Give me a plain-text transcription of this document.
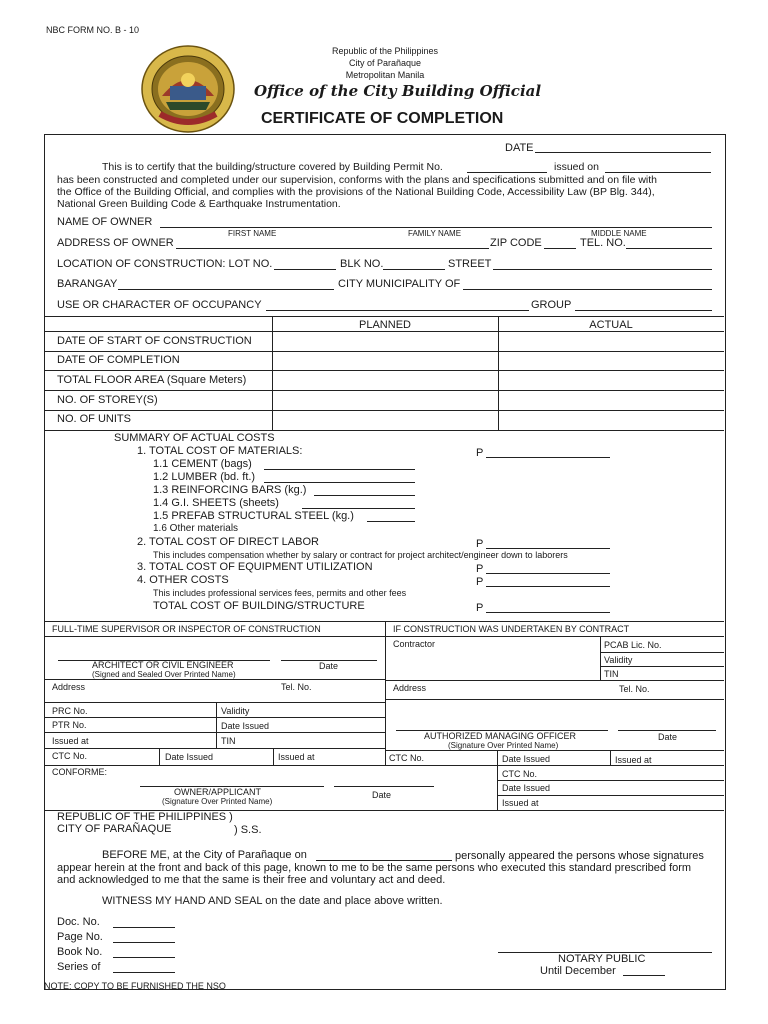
NBC FORM NO. B - 10
Republic of the Philippines
City of Parañaque
Metropolitan Manila
Office of the City Building Official
CERTIFICATE OF COMPLETION
DATE
This is to certify that the building/structure covered by Building Permit No.	issued on
has been constructed and completed under our supervision, conforms with the plans and specifications submitted and on file with
the Office of the Building Official, and complies with the provisions of the National Building Code, Accessibility Law (BP Blg. 344),
National Green Building Code & Earthquake Instrumentation.
NAME OF OWNER
FIRST NAME	FAMILY NAME	MIDDLE NAME
ADDRESS OF OWNER	ZIP CODE	TEL. NO.
LOCATION OF CONSTRUCTION: LOT NO.	BLK NO.	STREET
BARANGAY	CITY MUNICIPALITY OF
USE OR CHARACTER OF OCCUPANCY	GROUP
PLANNED	ACTUAL
DATE OF START OF CONSTRUCTION
DATE OF COMPLETION
TOTAL FLOOR AREA (Square Meters)
NO. OF STOREY(S)
NO. OF UNITS
SUMMARY OF ACTUAL COSTS
1. TOTAL COST OF MATERIALS:	P
1.1 CEMENT (bags)
1.2 LUMBER (bd. ft.)
1.3 REINFORCING BARS (kg.)
1.4 G.I. SHEETS (sheets)
1.5 PREFAB STRUCTURAL STEEL (kg.)
1.6 Other materials
2. TOTAL COST OF DIRECT LABOR	P
This includes compensation whether by salary or contract for project architect/engineer down to laborers
3. TOTAL COST OF EQUIPMENT UTILIZATION	P
4. OTHER COSTS	P
This includes professional services fees, permits and other fees
TOTAL COST OF BUILDING/STRUCTURE	P
FULL-TIME SUPERVISOR OR INSPECTOR OF CONSTRUCTION	IF CONSTRUCTION WAS UNDERTAKEN BY CONTRACT
ARCHITECT OR CIVIL ENGINEER
(Signed and Sealed Over Printed Name)
Date
Address	Tel. No.
PRC No.	Validity
PTR No.	Date Issued
Issued at	TIN
CTC No.	Date Issued	Issued at
Contractor	PCAB Lic. No.
Validity
TIN
Address	Tel. No.
AUTHORIZED MANAGING OFFICER
(Signature Over Printed Name)
Date
CTC No.	Date Issued	Issued at
CONFORME:
OWNER/APPLICANT
(Signature Over Printed Name)
Date
CTC No.
Date Issued
Issued at
REPUBLIC OF THE PHILIPPINES )
CITY OF PARAÑAQUE	) S.S.
BEFORE ME, at the City of Parañaque on	personally appeared the persons whose signatures
appear herein at the front and back of this page, known to me to be the same persons who executed this standard prescribed form
and acknowledged to me that the same is their free and voluntary act and deed.
WITNESS MY HAND AND SEAL on the date and place above written.
Doc. No.
Page No.
Book No.
Series of
NOTARY PUBLIC
Until December
NOTE: COPY TO BE FURNISHED THE NSO
